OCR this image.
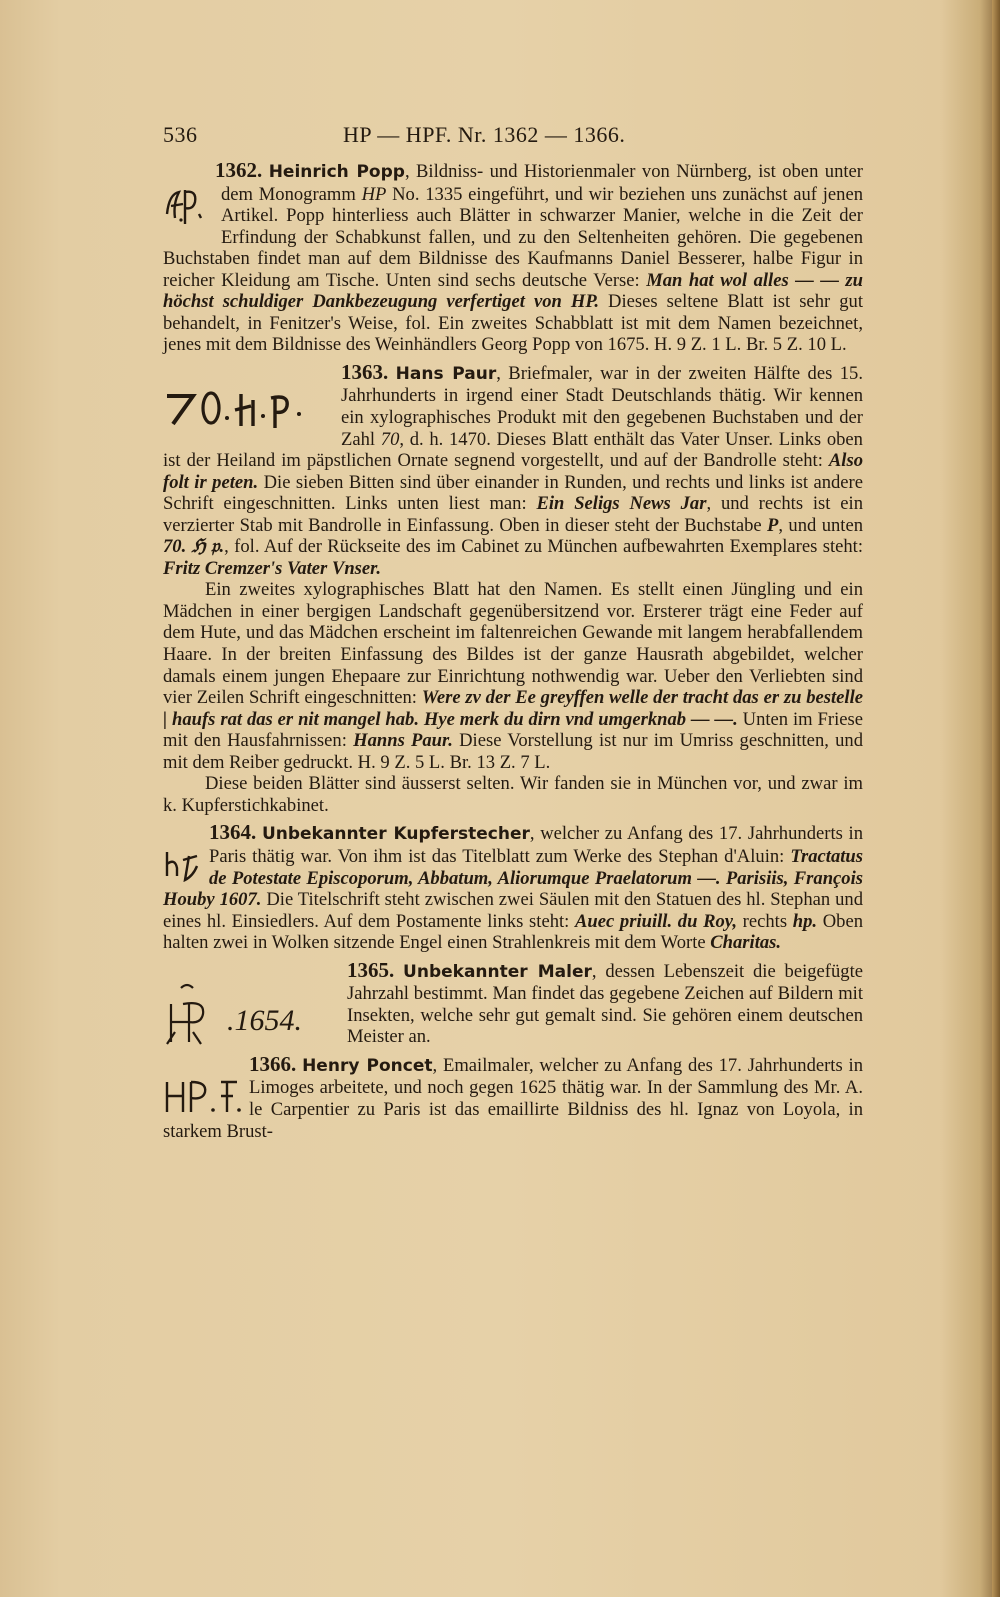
536	HP — HPF. Nr. 1362 — 1366.

1362. Heinrich Popp, Bildniss- und Historienmaler von Nürnberg, ist oben unter dem Monogramm HP No. 1335 eingeführt, und wir beziehen uns zunächst auf jenen Artikel. Popp hinterliess auch Blätter in schwarzer Manier, welche in die Zeit der Erfindung der Schabkunst fallen, und zu den Seltenheiten gehören. Die gegebenen Buchstaben findet man auf dem Bildnisse des Kaufmanns Daniel Besserer, halbe Figur in reicher Kleidung am Tische. Unten sind sechs deutsche Verse: Man hat wol alles — — zu höchst schuldiger Dankbezeugung verfertiget von HP. Dieses seltene Blatt ist sehr gut behandelt, in Fenitzer's Weise, fol. Ein zweites Schabblatt ist mit dem Namen bezeichnet, jenes mit dem Bildnisse des Weinhändlers Georg Popp von 1675. H. 9 Z. 1 L. Br. 5 Z. 10 L.

1363. Hans Paur, Briefmaler, war in der zweiten Hälfte des 15. Jahrhunderts in irgend einer Stadt Deutschlands thätig. Wir kennen ein xylographisches Produkt mit den gegebenen Buchstaben und der Zahl 70, d. h. 1470. Dieses Blatt enthält das Vater Unser. Links oben ist der Heiland im päpstlichen Ornate segnend vorgestellt, und auf der Bandrolle steht: Also folt ir peten. Die sieben Bitten sind über einander in Runden, und rechts und links ist andere Schrift eingeschnitten. Links unten liest man: Ein Seligs News Jar, und rechts ist ein verzierter Stab mit Bandrolle in Einfassung. Oben in dieser steht der Buchstabe P, und unten 70. ℌ 𝔭., fol. Auf der Rückseite des im Cabinet zu München aufbewahrten Exemplares steht: Fritz Cremzer's Vater Vnser.

Ein zweites xylographisches Blatt hat den Namen. Es stellt einen Jüngling und ein Mädchen in einer bergigen Landschaft gegenübersitzend vor. Ersterer trägt eine Feder auf dem Hute, und das Mädchen erscheint im faltenreichen Gewande mit langem herabfallendem Haare. In der breiten Einfassung des Bildes ist der ganze Hausrath abgebildet, welcher damals einem jungen Ehepaare zur Einrichtung nothwendig war. Ueber den Verliebten sind vier Zeilen Schrift eingeschnitten: Were zv der Ee greyffen welle der tracht das er zu bestelle | haufs rat das er nit mangel hab. Hye merk du dirn vnd umgerknab — —. Unten im Friese mit den Hausfahrnissen: Hanns Paur. Diese Vorstellung ist nur im Umriss geschnitten, und mit dem Reiber gedruckt. H. 9 Z. 5 L. Br. 13 Z. 7 L.

Diese beiden Blätter sind äusserst selten. Wir fanden sie in München vor, und zwar im k. Kupferstichkabinet.

1364. Unbekannter Kupferstecher, welcher zu Anfang des 17. Jahrhunderts in Paris thätig war. Von ihm ist das Titelblatt zum Werke des Stephan d'Aluin: Tractatus de Potestate Episcoporum, Abbatum, Aliorumque Praelatorum —. Parisiis, François Houby 1607. Die Titelschrift steht zwischen zwei Säulen mit den Statuen des hl. Stephan und eines hl. Einsiedlers. Auf dem Postamente links steht: Auec priuill. du Roy, rechts hp. Oben halten zwei in Wolken sitzende Engel einen Strahlenkreis mit dem Worte Charitas.

.1654.

1365. Unbekannter Maler, dessen Lebenszeit die beigefügte Jahrzahl bestimmt. Man findet das gegebene Zeichen auf Bildern mit Insekten, welche sehr gut gemalt sind. Sie gehören einem deutschen Meister an.

1366. Henry Poncet, Emailmaler, welcher zu Anfang des 17. Jahrhunderts in Limoges arbeitete, und noch gegen 1625 thätig war. In der Sammlung des Mr. A. le Carpentier zu Paris ist das emaillirte Bildniss des hl. Ignaz von Loyola, in starkem Brust-
